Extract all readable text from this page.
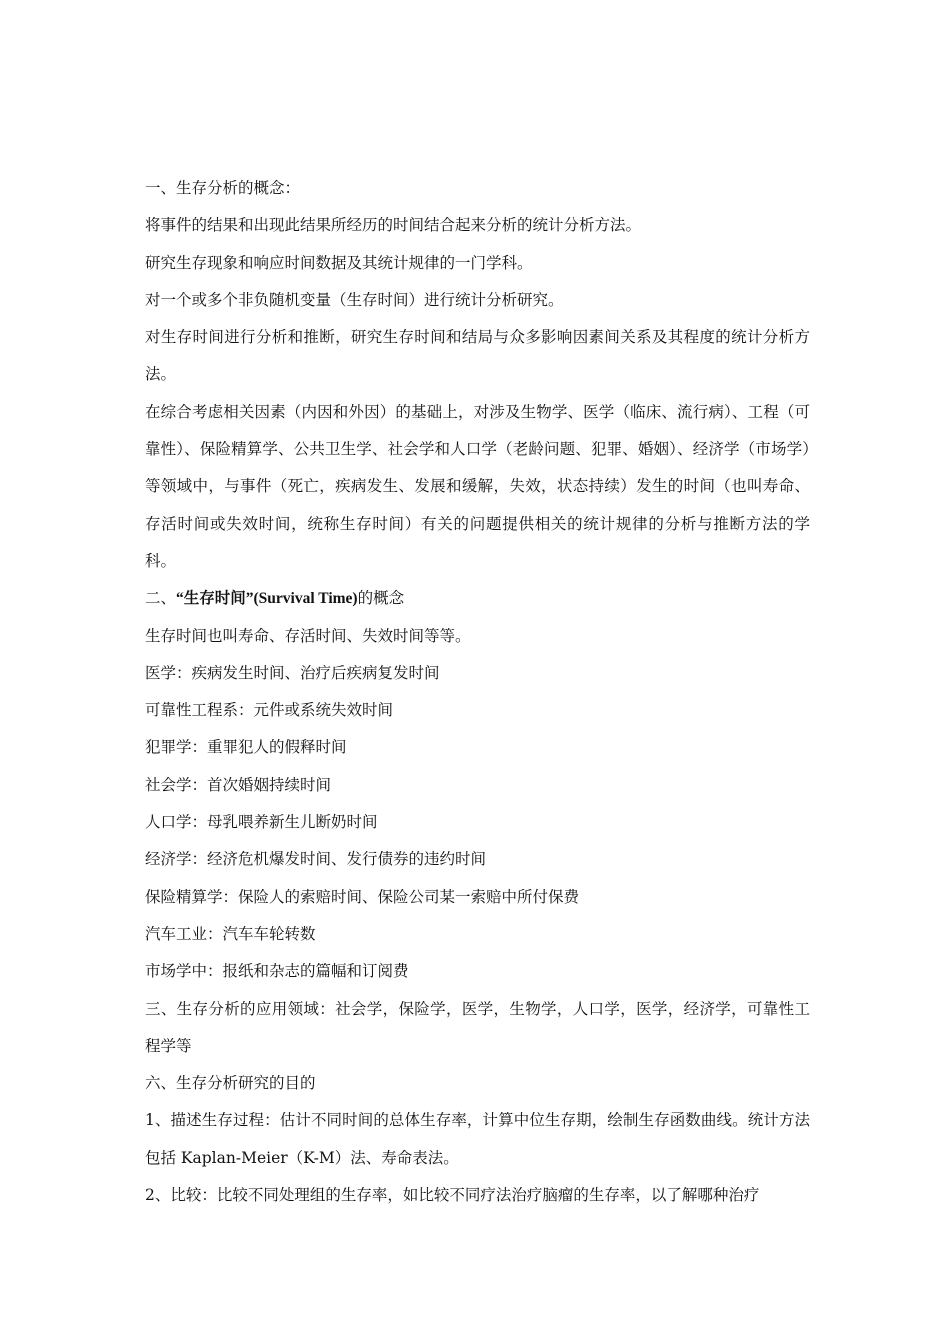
一、生存分析的概念：

将事件的结果和出现此结果所经历的时间结合起来分析的统计分析方法。

研究生存现象和响应时间数据及其统计规律的一门学科。

对一个或多个非负随机变量（生存时间）进行统计分析研究。

对生存时间进行分析和推断，研究生存时间和结局与众多影响因素间关系及其程度的统计分析方法。

在综合考虑相关因素（内因和外因）的基础上，对涉及生物学、医学（临床、流行病）、工程（可靠性）、保险精算学、公共卫生学、社会学和人口学（老龄问题、犯罪、婚姻）、经济学（市场学）等领域中，与事件（死亡，疾病发生、发展和缓解，失效，状态持续）发生的时间（也叫寿命、存活时间或失效时间，统称生存时间）有关的问题提供相关的统计规律的分析与推断方法的学科。

二、“生存时间”(Survival Time)的概念

生存时间也叫寿命、存活时间、失效时间等等。

医学：疾病发生时间、治疗后疾病复发时间

可靠性工程系：元件或系统失效时间

犯罪学：重罪犯人的假释时间

社会学：首次婚姻持续时间

人口学：母乳喂养新生儿断奶时间

经济学：经济危机爆发时间、发行债券的违约时间

保险精算学：保险人的索赔时间、保险公司某一索赔中所付保费

汽车工业：汽车车轮转数

市场学中：报纸和杂志的篇幅和订阅费

三、生存分析的应用领域：社会学，保险学，医学，生物学，人口学，医学，经济学，可靠性工程学等

六、生存分析研究的目的

1、描述生存过程：估计不同时间的总体生存率，计算中位生存期，绘制生存函数曲线。统计方法包括 Kaplan-Meier（K-M）法、寿命表法。

2、比较：比较不同处理组的生存率，如比较不同疗法治疗脑瘤的生存率，以了解哪种治疗
